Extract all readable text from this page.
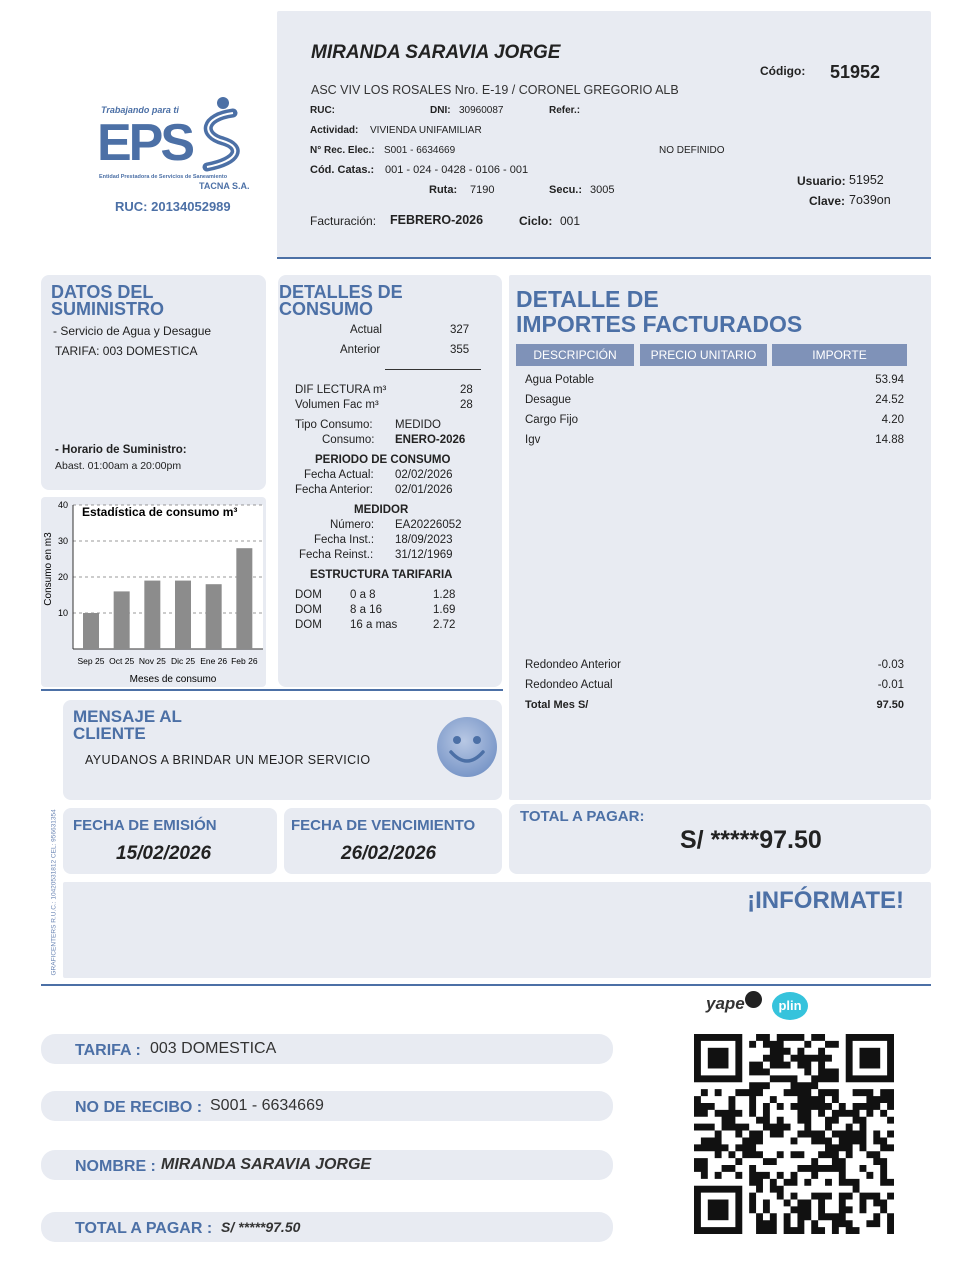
Trabajando para ti
EPS
Entidad Prestadora de Servicios de Saneamiento
TACNA S.A.
RUC: 20134052989
MIRANDA SARAVIA JORGE
Código: 51952
ASC VIV LOS ROSALES Nro. E-19 / CORONEL GREGORIO ALB
RUC:	DNI: 30960087	Refer.:
Actividad: VIVIENDA UNIFAMILIAR
N° Rec. Elec.: S001 - 6634669	NO DEFINIDO
Cód. Catas.: 001 - 024 - 0428 - 0106 - 001
Ruta: 7190	Secu.: 3005
Usuario: 51952
Clave: 7o39on
Facturación: FEBRERO-2026	Ciclo: 001
DATOS DEL
SUMINISTRO
- Servicio de Agua y Desague
TARIFA: 003 DOMESTICA
- Horario de Suministro:
Abast. 01:00am a 20:00pm
10
20
30
40
Sep 25 Oct 25 Nov 25 Dic 25 Ene 26 Feb 26
Estadística de consumo m³
Meses de consumo
Consumo en m3
DETALLES DE
CONSUMO
Actual	327
Anterior	355
DIF LECTURA m³	28
Volumen Fac m³	28
Tipo Consumo: MEDIDO
Consumo: ENERO-2026
PERIODO DE CONSUMO
Fecha Actual: 02/02/2026
Fecha Anterior: 02/01/2026
MEDIDOR
Número: EA20226052
Fecha Inst.: 18/09/2023
Fecha Reinst.: 31/12/1969
ESTRUCTURA TARIFARIA
DOM 0 a 8	1.28
DOM 8 a 16	1.69
DOM 16 a mas	2.72
DETALLE DE
IMPORTES FACTURADOS
DESCRIPCIÓN	PRECIO UNITARIO	IMPORTE
Agua Potable	53.94
Desague	24.52
Cargo Fijo	4.20
Igv	14.88
Redondeo Anterior	-0.03
Redondeo Actual	-0.01
Total Mes S/	97.50
MENSAJE AL
CLIENTE
AYUDANOS A BRINDAR UN MEJOR SERVICIO
GRAFICENTERS R.U.C.: 10420531812 CEL: 956631354 FECHA DE EMISIÓN
15/02/2026
FECHA DE VENCIMIENTO
26/02/2026
TOTAL A PAGAR:
S/ *****97.50
¡INFÓRMATE!
yape	plin
TARIFA : 003 DOMESTICA
NO DE RECIBO : S001 - 6634669
NOMBRE : MIRANDA SARAVIA JORGE
TOTAL A PAGAR : S/ *****97.50
